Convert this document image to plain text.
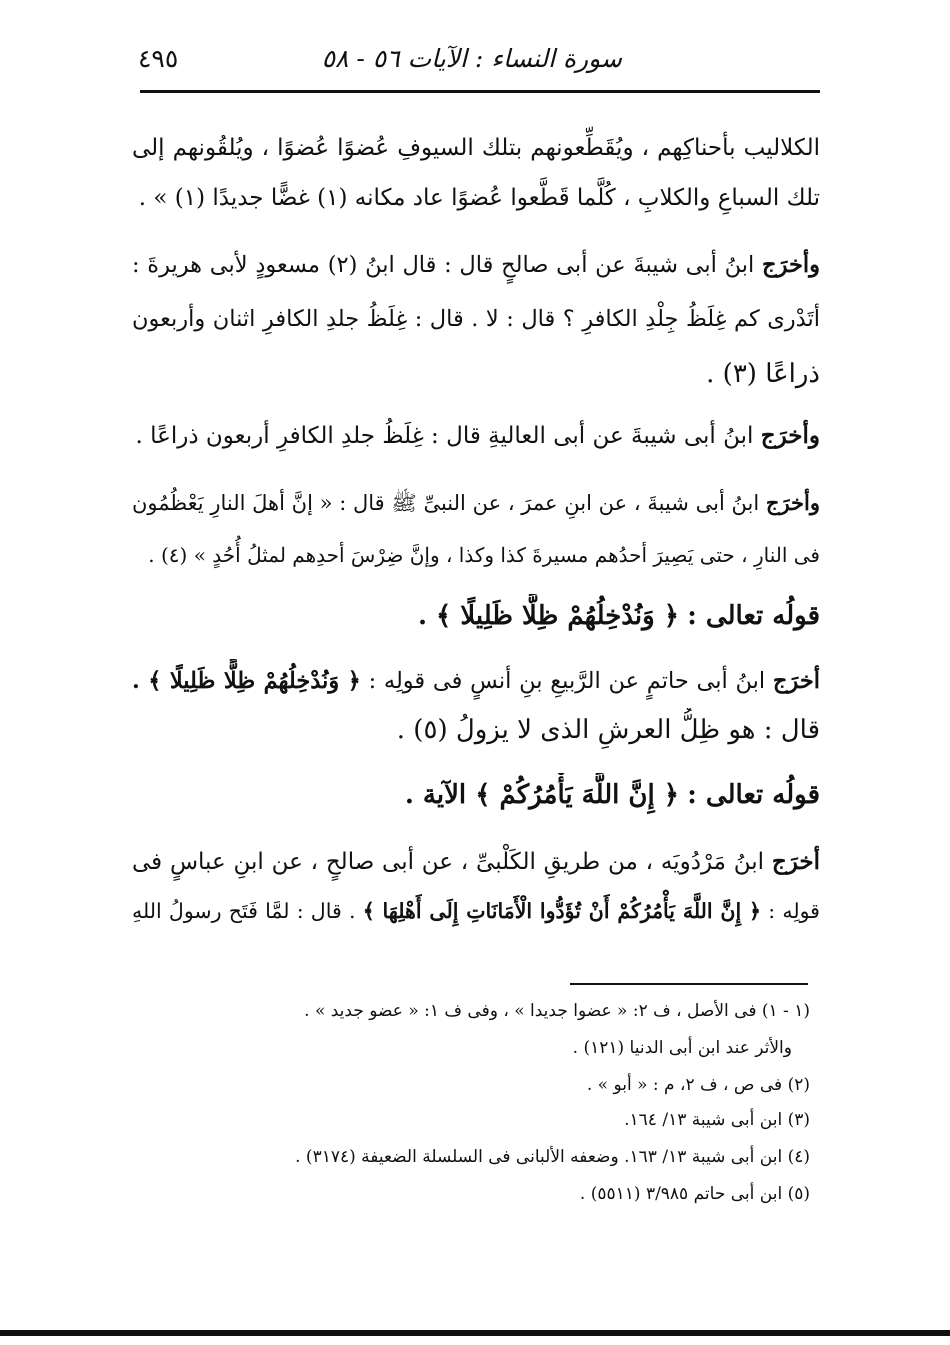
٤٩٥	سورة النساء : الآيات ٥٦ - ٥٨
الكلاليب بأحناكِهم ، ويُقَطِّعونهم بتلك السيوفِ عُضوًا عُضوًا ، ويُلقُونهم إلى
تلك السباعِ والكلابِ ، كُلَّما قَطَّعوا عُضوًا عاد مكانه (١) غضًّا جديدًا (١) » .
وأخرَج ابنُ أبى شيبةَ عن أبى صالحٍ قال : قال ابنُ (٢) مسعودٍ لأبى هريرةَ :
أتَدْرى كم غِلَظُ جِلْدِ الكافرِ ؟ قال : لا . قال : غِلَظُ جلدِ الكافرِ اثنان وأربعون
ذراعًا (٣) .
وأخرَج ابنُ أبى شيبةَ عن أبى العاليةِ قال : غِلَظُ جلدِ الكافرِ أربعون ذراعًا .
وأخرَج ابنُ أبى شيبةَ ، عن ابنِ عمرَ ، عن النبىِّ ﷺ قال : « إنَّ أهلَ النارِ يَعْظُمُون
فى النارِ ، حتى يَصِيرَ أحدُهم مسيرةَ كذا وكذا ، وإنَّ ضِرْسَ أحدِهم لمثلُ أُحُدٍ » (٤) .
قولُه تعالى : ﴿ وَنُدْخِلُهُمْ ظِلًّا ظَلِيلًا ﴾ .
أخرَج ابنُ أبى حاتمٍ عن الرَّبيعِ بنِ أنسٍ فى قولِه : ﴿ وَنُدْخِلُهُمْ ظِلًّا ظَلِيلًا ﴾ .
قال : هو ظِلُّ العرشِ الذى لا يزولُ (٥) .
قولُه تعالى : ﴿ إِنَّ اللَّهَ يَأْمُرُكُمْ ﴾ الآية .
أخرَج ابنُ مَرْدُويَه ، من طريقِ الكَلْبىِّ ، عن أبى صالحٍ ، عن ابنِ عباسٍ فى
قولِه : ﴿ إِنَّ اللَّهَ يَأْمُرُكُمْ أَنْ تُؤَدُّوا الْأَمَانَاتِ إِلَى أَهْلِهَا ﴾ . قال : لمَّا فَتَح رسولُ اللهِ
(١ - ١) فى الأصل ، ف ٢: « عضوا جديدا » ، وفى ف ١: « عضو جديد » .
والأثر عند ابن أبى الدنيا (١٢١) .
(٢) فى ص ، ف ٢، م : « أبو » .
(٣) ابن أبى شيبة ١٣/ ١٦٤.
(٤) ابن أبى شيبة ١٣/ ١٦٣. وضعفه الألبانى فى السلسلة الضعيفة (٣١٧٤) .
(٥) ابن أبى حاتم ٣/٩٨٥ (٥٥١١) .
